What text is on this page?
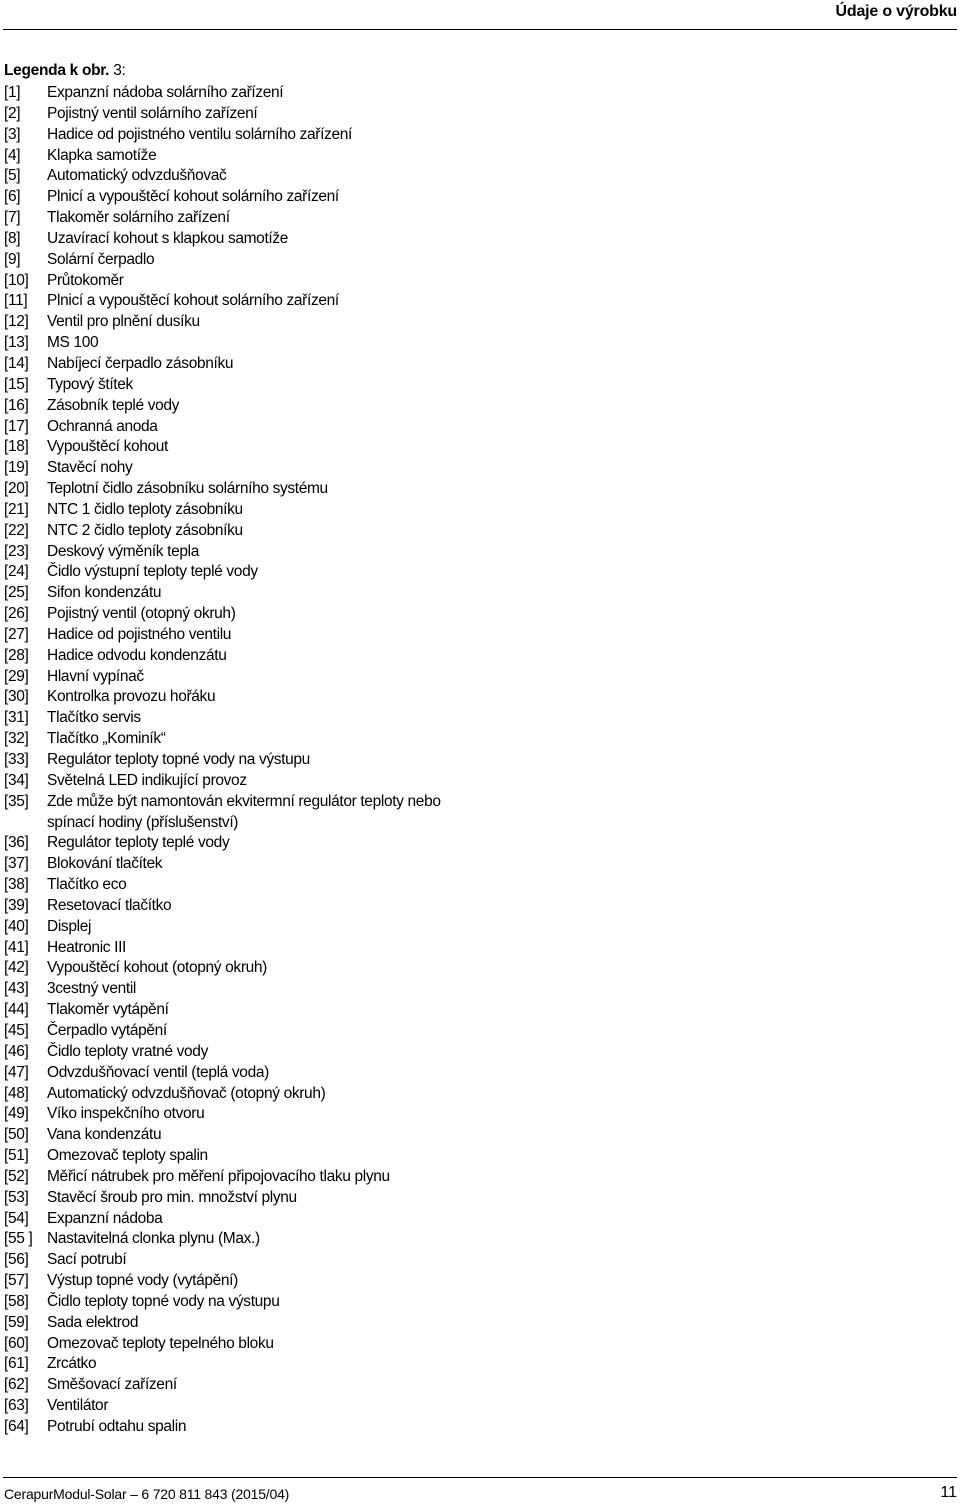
Údaje o výrobku
Legenda k obr. 3:
[1]	Expanzní nádoba solárního zařízení
[2]	Pojistný ventil solárního zařízení
[3]	Hadice od pojistného ventilu solárního zařízení
[4]	Klapka samotíže
[5]	Automatický odvzdušňovač
[6]	Plnicí a vypouštěcí kohout solárního zařízení
[7]	Tlakoměr solárního zařízení
[8]	Uzavírací kohout s klapkou samotíže
[9]	Solární čerpadlo
[10]	Průtokoměr
[11]	Plnicí a vypouštěcí kohout solárního zařízení
[12]	Ventil pro plnění dusíku
[13]	MS 100
[14]	Nabíjecí čerpadlo zásobníku
[15]	Typový štítek
[16]	Zásobník teplé vody
[17]	Ochranná anoda
[18]	Vypouštěcí kohout
[19]	Stavěcí nohy
[20]	Teplotní čidlo zásobníku solárního systému
[21]	NTC 1 čidlo teploty zásobníku
[22]	NTC 2 čidlo teploty zásobníku
[23]	Deskový výměník tepla
[24]	Čidlo výstupní teploty teplé vody
[25]	Sifon kondenzátu
[26]	Pojistný ventil (otopný okruh)
[27]	Hadice od pojistného ventilu
[28]	Hadice odvodu kondenzátu
[29]	Hlavní vypínač
[30]	Kontrolka provozu hořáku
[31]	Tlačítko servis
[32]	Tlačítko „Kominík“
[33]	Regulátor teploty topné vody na výstupu
[34]	Světelná LED indikující provoz
[35]	Zde může být namontován ekvitermní regulátor teploty nebo spínací hodiny (příslušenství)
[36]	Regulátor teploty teplé vody
[37]	Blokování tlačítek
[38]	Tlačítko eco
[39]	Resetovací tlačítko
[40]	Displej
[41]	Heatronic III
[42]	Vypouštěcí kohout (otopný okruh)
[43]	3cestný ventil
[44]	Tlakoměr vytápění
[45]	Čerpadlo vytápění
[46]	Čidlo teploty vratné vody
[47]	Odvzdušňovací ventil (teplá voda)
[48]	Automatický odvzdušňovač (otopný okruh)
[49]	Víko inspekčního otvoru
[50]	Vana kondenzátu
[51]	Omezovač teploty spalin
[52]	Měřicí nátrubek pro měření připojovacího tlaku plynu
[53]	Stavěcí šroub pro min. množství plynu
[54]	Expanzní nádoba
[55 ] Nastavitelná clonka plynu (Max.)
[56]	Sací potrubí
[57]	Výstup topné vody (vytápění)
[58]	Čidlo teploty topné vody na výstupu
[59]	Sada elektrod
[60]	Omezovač teploty tepelného bloku
[61]	Zrcátko
[62]	Směšovací zařízení
[63]	Ventilátor
[64]	Potrubí odtahu spalin
CerapurModul-Solar – 6 720 811 843 (2015/04)	11
